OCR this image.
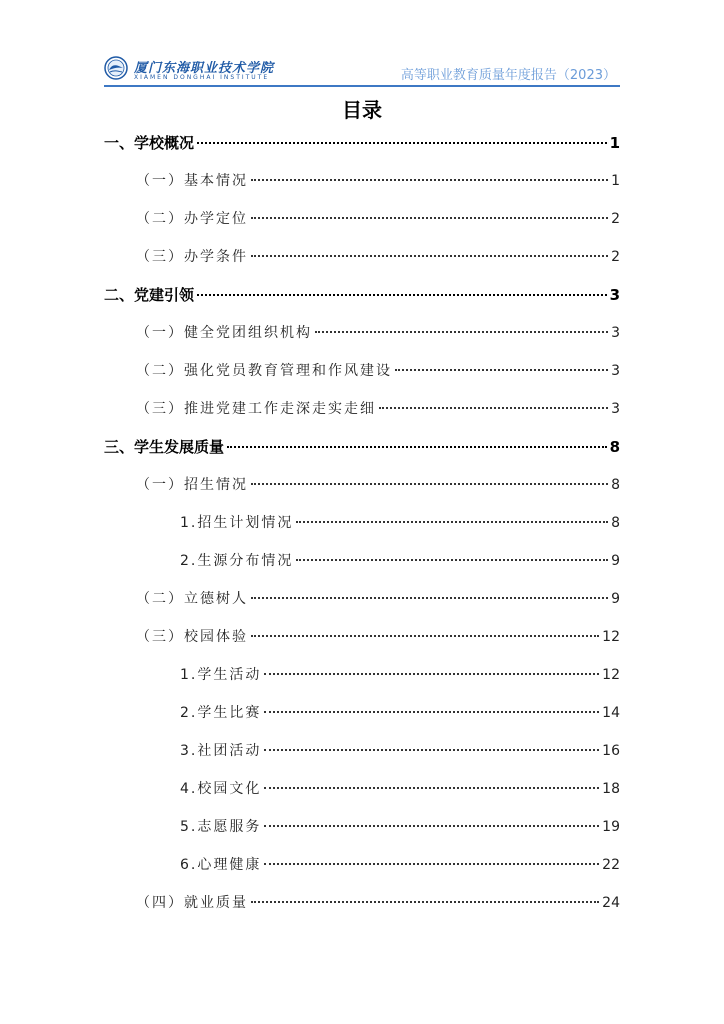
厦门东海职业技术学院
XIAMEN DONGHAI INSTITUTE	高等职业教育质量年度报告（2023）
目录
一、学校概况	1
（一）基本情况	1
（二）办学定位	2
（三）办学条件	2
二、党建引领	3
（一）健全党团组织机构	3
（二）强化党员教育管理和作风建设	3
（三）推进党建工作走深走实走细	3
三、学生发展质量	8
（一）招生情况	8
1.招生计划情况	8
2.生源分布情况	9
（二）立德树人	9
（三）校园体验	12
1.学生活动	12
2.学生比赛	14
3.社团活动	16
4.校园文化	18
5.志愿服务	19
6.心理健康	22
（四）就业质量	24
